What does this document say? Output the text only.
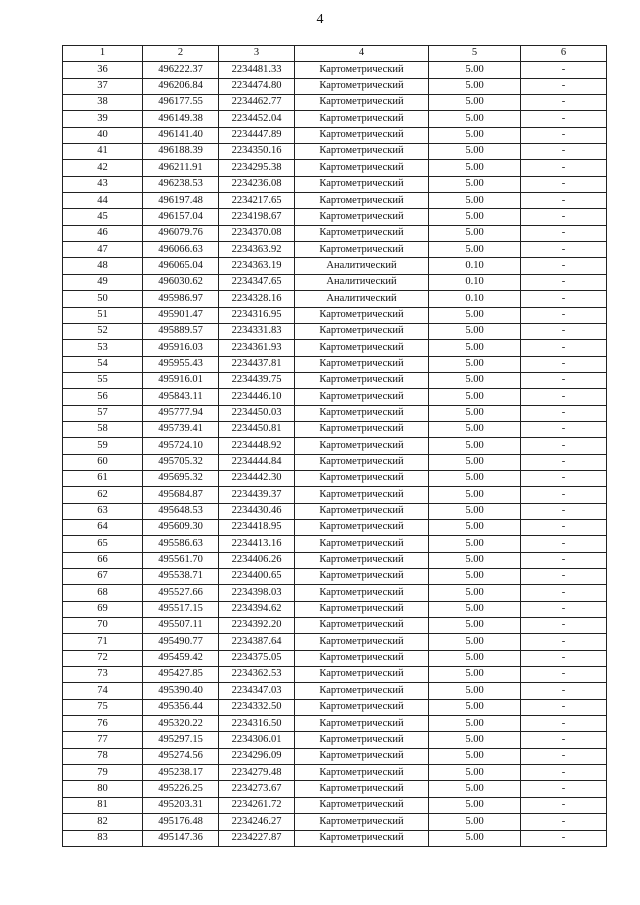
4
1	2	3	4	5	6
36	496222.37	2234481.33	Картометрический	5.00	-
37	496206.84	2234474.80	Картометрический	5.00	-
38	496177.55	2234462.77	Картометрический	5.00	-
39	496149.38	2234452.04	Картометрический	5.00	-
40	496141.40	2234447.89	Картометрический	5.00	-
41	496188.39	2234350.16	Картометрический	5.00	-
42	496211.91	2234295.38	Картометрический	5.00	-
43	496238.53	2234236.08	Картометрический	5.00	-
44	496197.48	2234217.65	Картометрический	5.00	-
45	496157.04	2234198.67	Картометрический	5.00	-
46	496079.76	2234370.08	Картометрический	5.00	-
47	496066.63	2234363.92	Картометрический	5.00	-
48	496065.04	2234363.19	Аналитический	0.10	-
49	496030.62	2234347.65	Аналитический	0.10	-
50	495986.97	2234328.16	Аналитический	0.10	-
51	495901.47	2234316.95	Картометрический	5.00	-
52	495889.57	2234331.83	Картометрический	5.00	-
53	495916.03	2234361.93	Картометрический	5.00	-
54	495955.43	2234437.81	Картометрический	5.00	-
55	495916.01	2234439.75	Картометрический	5.00	-
56	495843.11	2234446.10	Картометрический	5.00	-
57	495777.94	2234450.03	Картометрический	5.00	-
58	495739.41	2234450.81	Картометрический	5.00	-
59	495724.10	2234448.92	Картометрический	5.00	-
60	495705.32	2234444.84	Картометрический	5.00	-
61	495695.32	2234442.30	Картометрический	5.00	-
62	495684.87	2234439.37	Картометрический	5.00	-
63	495648.53	2234430.46	Картометрический	5.00	-
64	495609.30	2234418.95	Картометрический	5.00	-
65	495586.63	2234413.16	Картометрический	5.00	-
66	495561.70	2234406.26	Картометрический	5.00	-
67	495538.71	2234400.65	Картометрический	5.00	-
68	495527.66	2234398.03	Картометрический	5.00	-
69	495517.15	2234394.62	Картометрический	5.00	-
70	495507.11	2234392.20	Картометрический	5.00	-
71	495490.77	2234387.64	Картометрический	5.00	-
72	495459.42	2234375.05	Картометрический	5.00	-
73	495427.85	2234362.53	Картометрический	5.00	-
74	495390.40	2234347.03	Картометрический	5.00	-
75	495356.44	2234332.50	Картометрический	5.00	-
76	495320.22	2234316.50	Картометрический	5.00	-
77	495297.15	2234306.01	Картометрический	5.00	-
78	495274.56	2234296.09	Картометрический	5.00	-
79	495238.17	2234279.48	Картометрический	5.00	-
80	495226.25	2234273.67	Картометрический	5.00	-
81	495203.31	2234261.72	Картометрический	5.00	-
82	495176.48	2234246.27	Картометрический	5.00	-
83	495147.36	2234227.87	Картометрический	5.00	-
